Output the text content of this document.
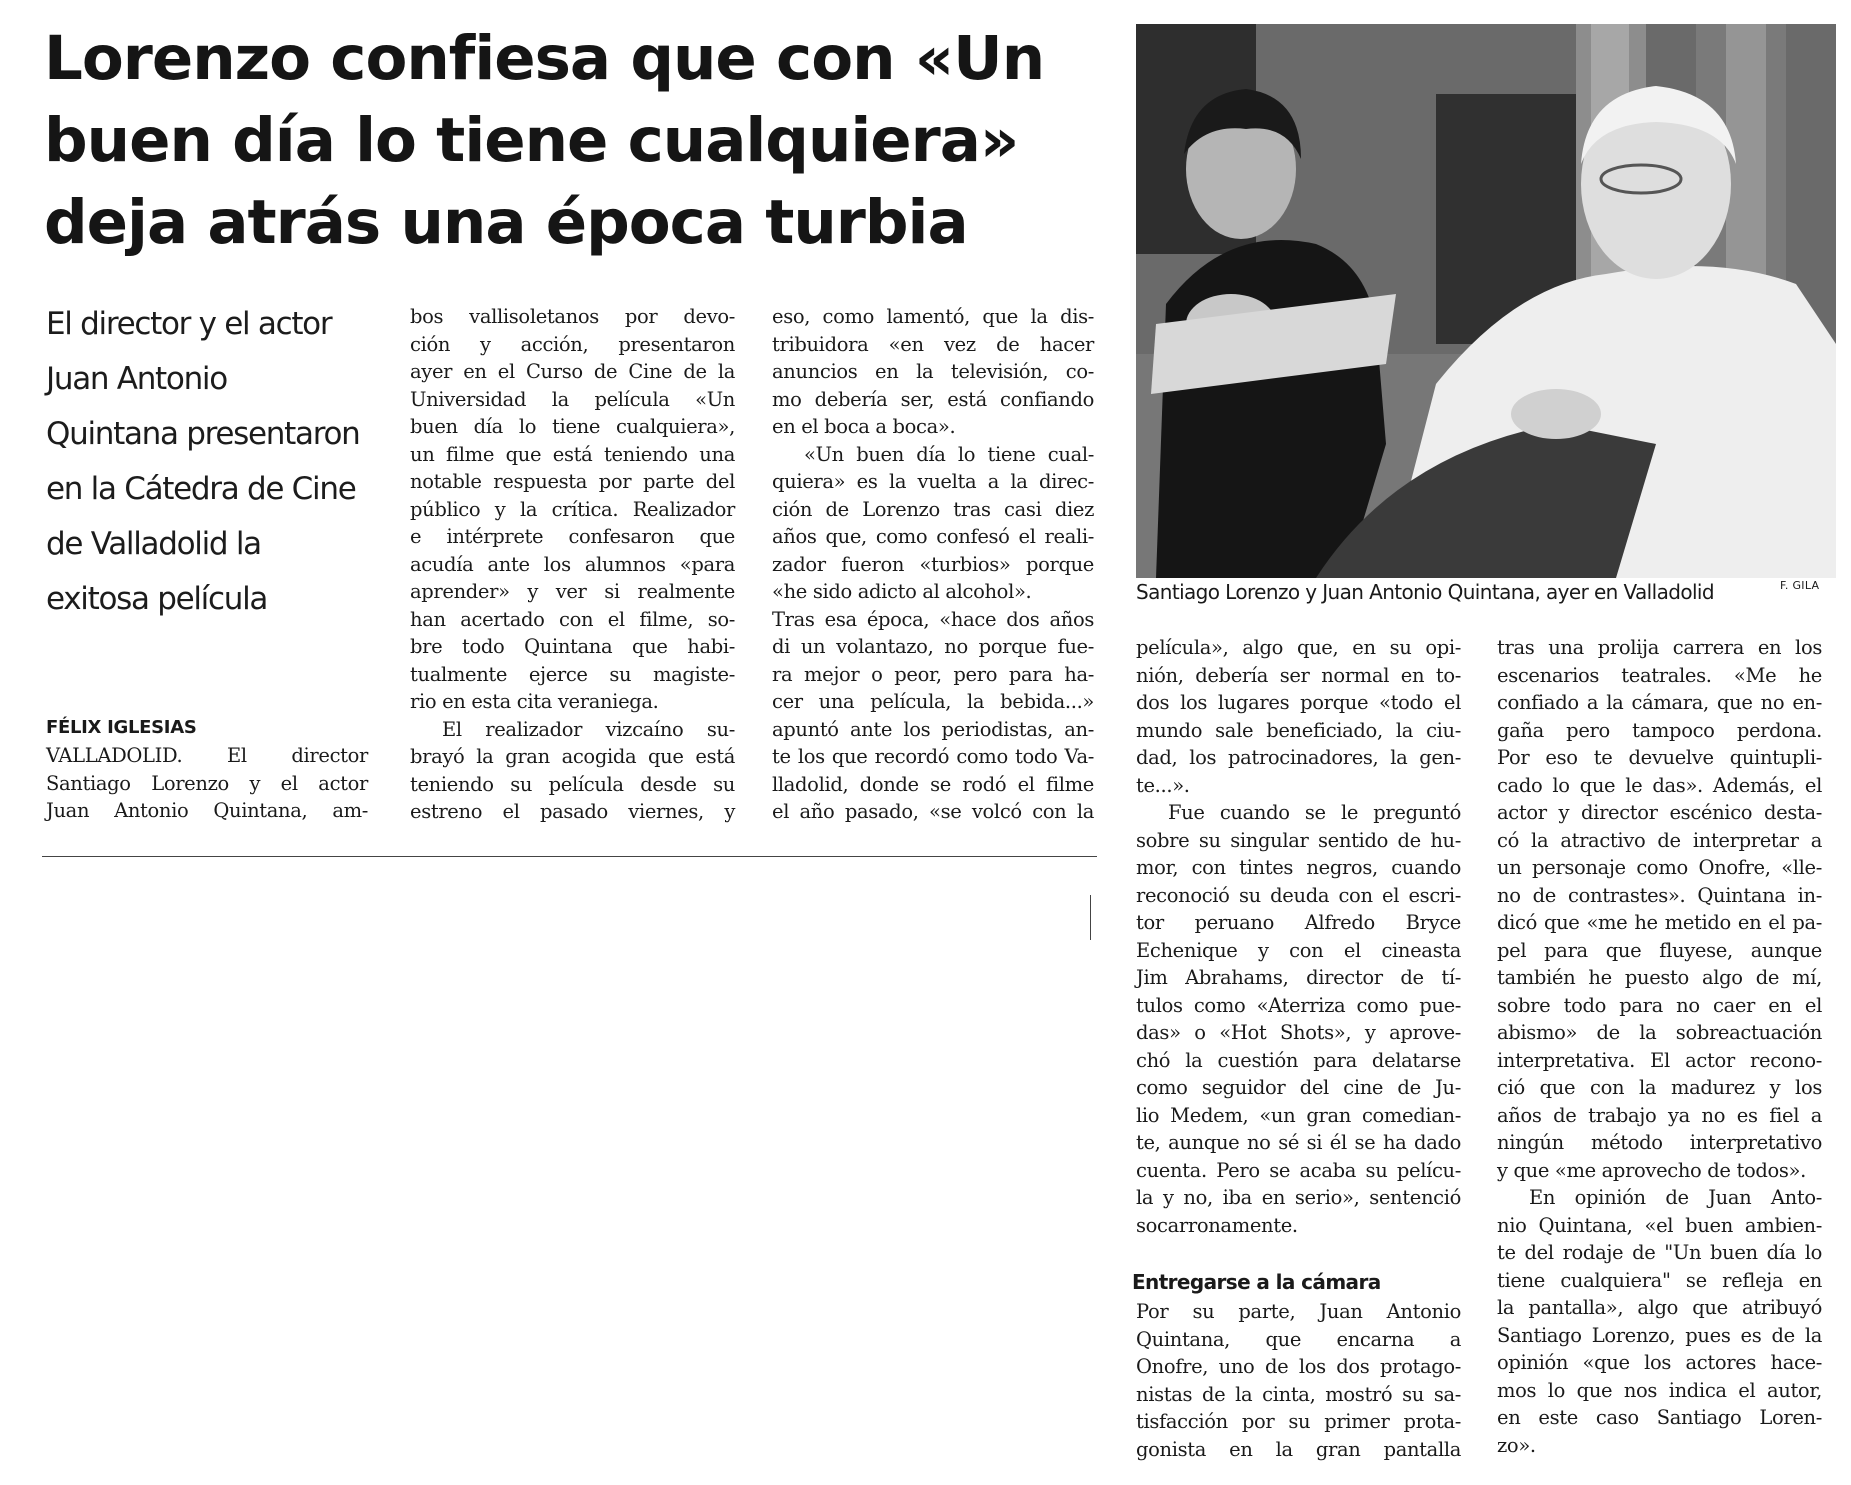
Lorenzo confiesa que con «Un
buen día lo tiene cualquiera»
deja atrás una época turbia
El director y el actor
Juan Antonio
Quintana presentaron
en la Cátedra de Cine
de Valladolid la
exitosa película
FÉLIX IGLESIAS
VALLADOLID. El director
Santiago Lorenzo y el actor
Juan Antonio Quintana, am-
bos vallisoletanos por devo-
ción y acción, presentaron
ayer en el Curso de Cine de la
Universidad la película «Un
buen día lo tiene cualquiera»,
un filme que está teniendo una
notable respuesta por parte del
público y la crítica. Realizador
e intérprete confesaron que
acudía ante los alumnos «para
aprender» y ver si realmente
han acertado con el filme, so-
bre todo Quintana que habi-
tualmente ejerce su magiste-
rio en esta cita veraniega.
El realizador vizcaíno su-
brayó la gran acogida que está
teniendo su película desde su
estreno el pasado viernes, y
eso, como lamentó, que la dis-
tribuidora «en vez de hacer
anuncios en la televisión, co-
mo debería ser, está confiando
en el boca a boca».
«Un buen día lo tiene cual-
quiera» es la vuelta a la direc-
ción de Lorenzo tras casi diez
años que, como confesó el reali-
zador fueron «turbios» porque
«he sido adicto al alcohol».
Tras esa época, «hace dos años
di un volantazo, no porque fue-
ra mejor o peor, pero para ha-
cer una película, la bebida...»
apuntó ante los periodistas, an-
te los que recordó como todo Va-
lladolid, donde se rodó el filme
el año pasado, «se volcó con la
Santiago Lorenzo y Juan Antonio Quintana, ayer en Valladolid	F. GILA
película», algo que, en su opi-
nión, debería ser normal en to-
dos los lugares porque «todo el
mundo sale beneficiado, la ciu-
dad, los patrocinadores, la gen-
te...».
Fue cuando se le preguntó
sobre su singular sentido de hu-
mor, con tintes negros, cuando
reconoció su deuda con el escri-
tor peruano Alfredo Bryce
Echenique y con el cineasta
Jim Abrahams, director de tí-
tulos como «Aterriza como pue-
das» o «Hot Shots», y aprove-
chó la cuestión para delatarse
como seguidor del cine de Ju-
lio Medem, «un gran comedian-
te, aunque no sé si él se ha dado
cuenta. Pero se acaba su pelícu-
la y no, iba en serio», sentenció
socarronamente.
Entregarse a la cámara
Por su parte, Juan Antonio
Quintana, que encarna a
Onofre, uno de los dos protago-
nistas de la cinta, mostró su sa-
tisfacción por su primer prota-
gonista en la gran pantalla
tras una prolija carrera en los
escenarios teatrales. «Me he
confiado a la cámara, que no en-
gaña pero tampoco perdona.
Por eso te devuelve quintupli-
cado lo que le das». Además, el
actor y director escénico desta-
có la atractivo de interpretar a
un personaje como Onofre, «lle-
no de contrastes». Quintana in-
dicó que «me he metido en el pa-
pel para que fluyese, aunque
también he puesto algo de mí,
sobre todo para no caer en el
abismo» de la sobreactuación
interpretativa. El actor recono-
ció que con la madurez y los
años de trabajo ya no es fiel a
ningún método interpretativo
y que «me aprovecho de todos».
En opinión de Juan Anto-
nio Quintana, «el buen ambien-
te del rodaje de "Un buen día lo
tiene cualquiera" se refleja en
la pantalla», algo que atribuyó
Santiago Lorenzo, pues es de la
opinión «que los actores hace-
mos lo que nos indica el autor,
en este caso Santiago Loren-
zo».
